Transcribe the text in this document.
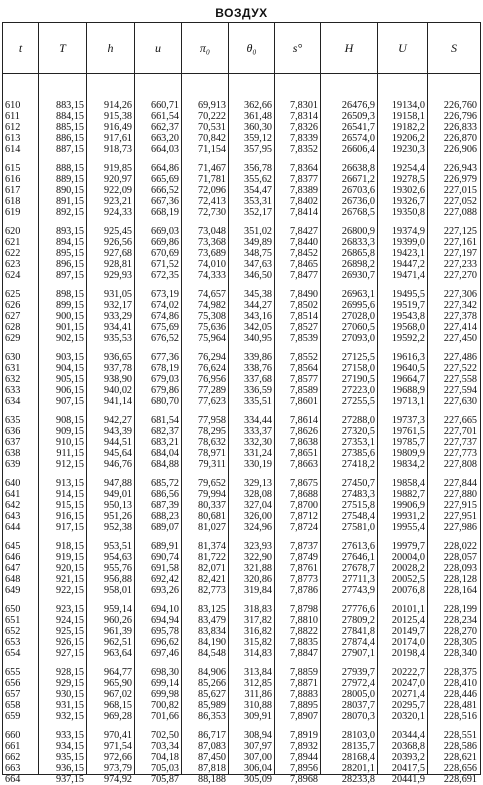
ВОЗДУХ
t	T	h	u	π₀	θ₀	s°	H	U	S
610	883,15	914,26	660,71	69,913	362,66	7,8301	26476,9	19134,0	226,760
611	884,15	915,38	661,54	70,222	361,48	7,8314	26509,3	19158,1	226,796
612	885,15	916,49	662,37	70,531	360,30	7,8326	26541,7	19182,2	226,833
613	886,15	917,61	663,20	70,842	359,12	7,8339	26574,0	19206,2	226,870
614	887,15	918,73	664,03	71,154	357,95	7,8352	26606,4	19230,3	226,906
615	888,15	919,85	664,86	71,467	356,78	7,8364	26638,8	19254,4	226,943
616	889,15	920,97	665,69	71,781	355,62	7,8377	26671,2	19278,5	226,979
617	890,15	922,09	666,52	72,096	354,47	7,8389	26703,6	19302,6	227,015
618	891,15	923,21	667,36	72,413	353,31	7,8402	26736,0	19326,7	227,052
619	892,15	924,33	668,19	72,730	352,17	7,8414	26768,5	19350,8	227,088
620	893,15	925,45	669,03	73,048	351,02	7,8427	26800,9	19374,9	227,125
621	894,15	926,56	669,86	73,368	349,89	7,8440	26833,3	19399,0	227,161
622	895,15	927,68	670,69	73,689	348,75	7,8452	26865,8	19423,1	227,197
623	896,15	928,81	671,52	74,010	347,63	7,8465	26898,2	19447,2	227,233
624	897,15	929,93	672,35	74,333	346,50	7,8477	26930,7	19471,4	227,270
625	898,15	931,05	673,19	74,657	345,38	7,8490	26963,1	19495,5	227,306
626	899,15	932,17	674,02	74,982	344,27	7,8502	26995,6	19519,7	227,342
627	900,15	933,29	674,86	75,308	343,16	7,8514	27028,0	19543,8	227,378
628	901,15	934,41	675,69	75,636	342,05	7,8527	27060,5	19568,0	227,414
629	902,15	935,53	676,52	75,964	340,95	7,8539	27093,0	19592,2	227,450
630	903,15	936,65	677,36	76,294	339,86	7,8552	27125,5	19616,3	227,486
631	904,15	937,78	678,19	76,624	338,76	7,8564	27158,0	19640,5	227,522
632	905,15	938,90	679,03	76,956	337,68	7,8577	27190,5	19664,7	227,558
633	906,15	940,02	679,86	77,289	336,59	7,8589	27223,0	19688,9	227,594
634	907,15	941,14	680,70	77,623	335,51	7,8601	27255,5	19713,1	227,630
635	908,15	942,27	681,54	77,958	334,44	7,8614	27288,0	19737,3	227,665
636	909,15	943,39	682,37	78,295	333,37	7,8626	27320,5	19761,5	227,701
637	910,15	944,51	683,21	78,632	332,30	7,8638	27353,1	19785,7	227,737
638	911,15	945,64	684,04	78,971	331,24	7,8651	27385,6	19809,9	227,773
639	912,15	946,76	684,88	79,311	330,19	7,8663	27418,2	19834,2	227,808
640	913,15	947,88	685,72	79,652	329,13	7,8675	27450,7	19858,4	227,844
641	914,15	949,01	686,56	79,994	328,08	7,8688	27483,3	19882,7	227,880
642	915,15	950,13	687,39	80,337	327,04	7,8700	27515,8	19906,9	227,915
643	916,15	951,26	688,23	80,681	326,00	7,8712	27548,4	19931,2	227,951
644	917,15	952,38	689,07	81,027	324,96	7,8724	27581,0	19955,4	227,986
645	918,15	953,51	689,91	81,374	323,93	7,8737	27613,6	19979,7	228,022
646	919,15	954,63	690,74	81,722	322,90	7,8749	27646,1	20004,0	228,057
647	920,15	955,76	691,58	82,071	321,88	7,8761	27678,7	20028,2	228,093
648	921,15	956,88	692,42	82,421	320,86	7,8773	27711,3	20052,5	228,128
649	922,15	958,01	693,26	82,773	319,84	7,8786	27743,9	20076,8	228,164
650	923,15	959,14	694,10	83,125	318,83	7,8798	27776,6	20101,1	228,199
651	924,15	960,26	694,94	83,479	317,82	7,8810	27809,2	20125,4	228,234
652	925,15	961,39	695,78	83,834	316,82	7,8822	27841,8	20149,7	228,270
653	926,15	962,51	696,62	84,190	315,82	7,8835	27874,4	20174,0	228,305
654	927,15	963,64	697,46	84,548	314,83	7,8847	27907,1	20198,4	228,340
655	928,15	964,77	698,30	84,906	313,84	7,8859	27939,7	20222,7	228,375
656	929,15	965,90	699,14	85,266	312,85	7,8871	27972,4	20247,0	228,410
657	930,15	967,02	699,98	85,627	311,86	7,8883	28005,0	20271,4	228,446
658	931,15	968,15	700,82	85,989	310,88	7,8895	28037,7	20295,7	228,481
659	932,15	969,28	701,66	86,353	309,91	7,8907	28070,3	20320,1	228,516
660	933,15	970,41	702,50	86,717	308,94	7,8919	28103,0	20344,4	228,551
661	934,15	971,54	703,34	87,083	307,97	7,8932	28135,7	20368,8	228,586
662	935,15	972,66	704,18	87,450	307,00	7,8944	28168,4	20393,2	228,621
663	936,15	973,79	705,03	87,818	306,04	7,8956	28201,1	20417,5	228,656
664	937,15	974,92	705,87	88,188	305,09	7,8968	28233,8	20441,9	228,691
